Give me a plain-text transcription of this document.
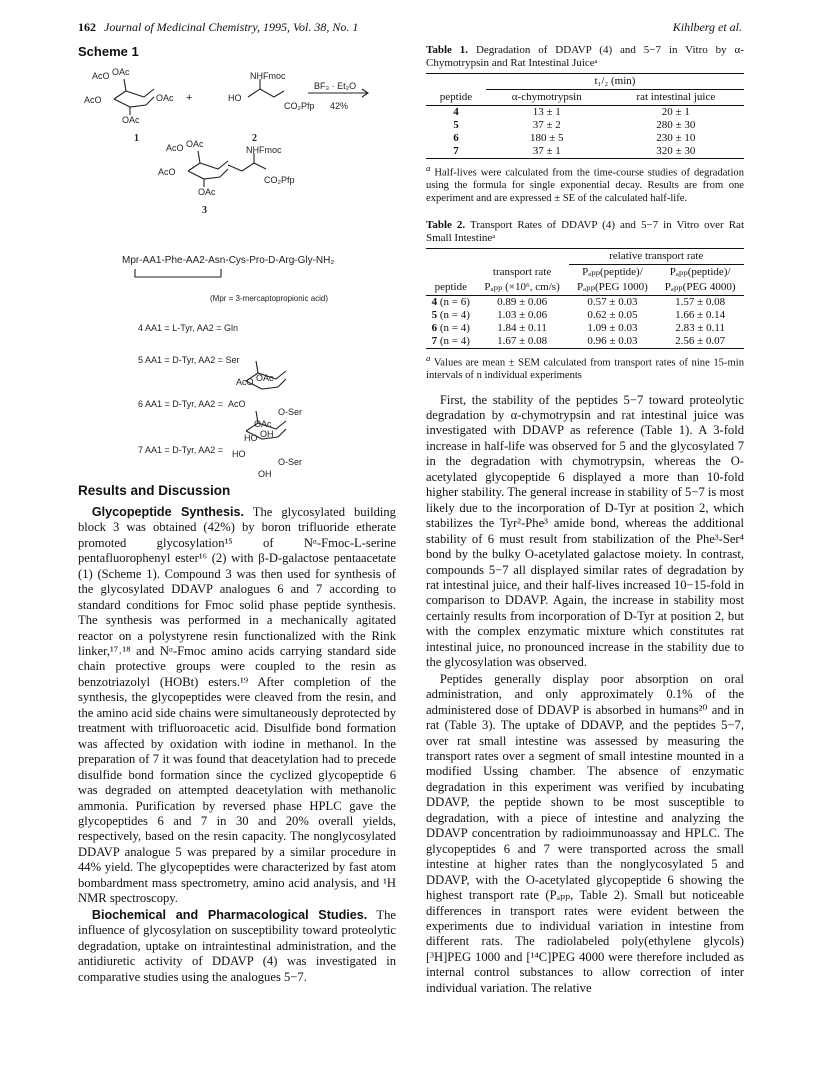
162 Journal of Medicinal Chemistry, 1995, Vol. 38, No. 1	Kihlberg et al.
Scheme 1
AcO OAc
AcO	OAc
OAc
1
+
NHFmoc
HO
CO₂Pfp
2
BF₃ · Et₂O
42%
AcO OAc
AcO
OAc
NHFmoc
CO₂Pfp
3
Mpr-AA1-Phe-AA2-Asn-Cys-Pro-D-Arg-Gly-NH₂
(Mpr = 3-mercaptopropionic acid)
4 AA1 = L-Tyr, AA2 = Gln
5 AA1 = D-Tyr, AA2 = Ser
6 AA1 = D-Tyr, AA2 =
7 AA1 = D-Tyr, AA2 =
AcO OAc
AcO
O-Ser
OAc
HO OH
HO
O-Ser
OH
Results and Discussion

Glycopeptide Synthesis. The glycosylated building block 3 was obtained (42%) by boron trifluoride etherate promoted glycosylation¹⁵ of Nᵅ-Fmoc-L-serine pentafluorophenyl ester¹⁶ (2) with β-D-galactose pentaacetate (1) (Scheme 1). Compound 3 was then used for synthesis of the glycosylated DDAVP analogues 6 and 7 according to standard conditions for Fmoc solid phase peptide synthesis. The synthesis was performed in a mechanically agitated reactor on a polystyrene resin functionalized with the Rink linker,¹⁷˒¹⁸ and Nᵅ-Fmoc amino acids carrying standard side chain protective groups were coupled to the resin as benzotriazolyl (HOBt) esters.¹⁹ After completion of the synthesis, the glycopeptides were cleaved from the resin, and the amino acid side chains were simultaneously deprotected by treatment with trifluoroacetic acid. Disulfide bond formation was affected by oxidation with iodine in methanol. In the preparation of 7 it was found that deacetylation had to precede disulfide bond formation since the cyclized glycopeptide 6 was degraded on attempted deacetylation with methanolic ammonia. Purification by reversed phase HPLC gave the glycopeptides 6 and 7 in 30 and 20% overall yields, respectively, based on the resin capacity. The nonglycosylated DDAVP analogue 5 was prepared by a similar procedure in 44% yield. The glycopeptides were characterized by fast atom bombardment mass spectrometry, amino acid analysis, and ¹H NMR spectroscopy.

Biochemical and Pharmacological Studies. The influence of glycosylation on susceptibility toward proteolytic degradation, uptake on intraintestinal administration, and the antidiuretic activity of DDAVP (4) was investigated in comparative studies using the analogues 5−7.

Table 1. Degradation of DDAVP (4) and 5−7 in Vitro by α-Chymotrypsin and Rat Intestinal Juiceᵃ
	t₁/₂ (min)	
peptide	α-chymotrypsin	rat intestinal juice
4	13 ± 1	20 ± 1
5	37 ± 2	280 ± 30
6	180 ± 5	230 ± 10
7	37 ± 1	320 ± 30
$^a$ Half-lives were calculated from the time-course studies of degradation using the formula for single exponential decay. Results are from one experiment and are expressed ± SE of the calculated half-life.
Table 2. Transport Rates of DDAVP (4) and 5−7 in Vitro over Rat Small Intestineᵃ
		relative transport rate	
	transport rate	Pₐₚₚ(peptide)/	Pₐₚₚ(peptide)/
peptide	Pₐₚₚ (×10⁶, cm/s)	Pₐₚₚ(PEG 1000)	Pₐₚₚ(PEG 4000)
4 (n = 6)	0.89 ± 0.06	0.57 ± 0.03	1.57 ± 0.08
5 (n = 4)	1.03 ± 0.06	0.62 ± 0.05	1.66 ± 0.14
6 (n = 4)	1.84 ± 0.11	1.09 ± 0.03	2.83 ± 0.11
7 (n = 4)	1.67 ± 0.08	0.96 ± 0.03	2.56 ± 0.07
$^a$ Values are mean ± SEM calculated from transport rates of nine 15-min intervals of n individual experiments

First, the stability of the peptides 5−7 toward proteolytic degradation by α-chymotrypsin and rat intestinal juice was investigated with DDAVP as reference (Table 1). A 3-fold increase in half-life was observed for 5 and the glycosylated 7 in the degradation with chymotrypsin, whereas the O-acetylated glycopeptide 6 displayed a more than 10-fold higher stability. The general increase in stability of 5−7 is most likely due to the incorporation of D-Tyr at position 2, which stabilizes the Tyr²-Phe³ amide bond, whereas the additional stability of 6 must result from stabilization of the Phe³-Ser⁴ bond by the bulky O-acetylated galactose moiety. In contrast, compounds 5−7 all displayed similar rates of degradation by rat intestinal juice, and their half-lives increased 10−15-fold in comparison to DDAVP. Again, the increase in stability most certainly results from incorporation of D-Tyr at position 2, but with the complex enzymatic mixture which constitutes rat intestinal juice, no pronounced increase in the stability due to the glycosylation was observed.

Peptides generally display poor absorption on oral administration, and only approximately 0.1% of the administered dose of DDAVP is absorbed in humans²⁰ and in rat (Table 3). The uptake of DDAVP, and the peptides 5−7, over rat small intestine was assessed by measuring the transport rates over a segment of small intestine mounted in a modified Ussing chamber. The absence of enzymatic degradation in this experiment was verified by incubating DDAVP, the peptide shown to be most susceptible to degradation, with a piece of intestine and analyzing the DDAVP concentration by radioimmunoassay and HPLC. The glycopeptides 6 and 7 were transported across the small intestine at higher rates than the nonglycosylated 5 and DDAVP, with the O-acetylated glycopeptide 6 showing the highest transport rate (Pₐₚₚ, Table 2). Small but noticeable differences in transport rates were evident between the experiments due to individual variation in intestine from different rats. The radiolabeled poly(ethylene glycols) [³H]PEG 1000 and [¹⁴C]PEG 4000 were therefore included as internal control substances to allow correction of inter individual variation. The relative
